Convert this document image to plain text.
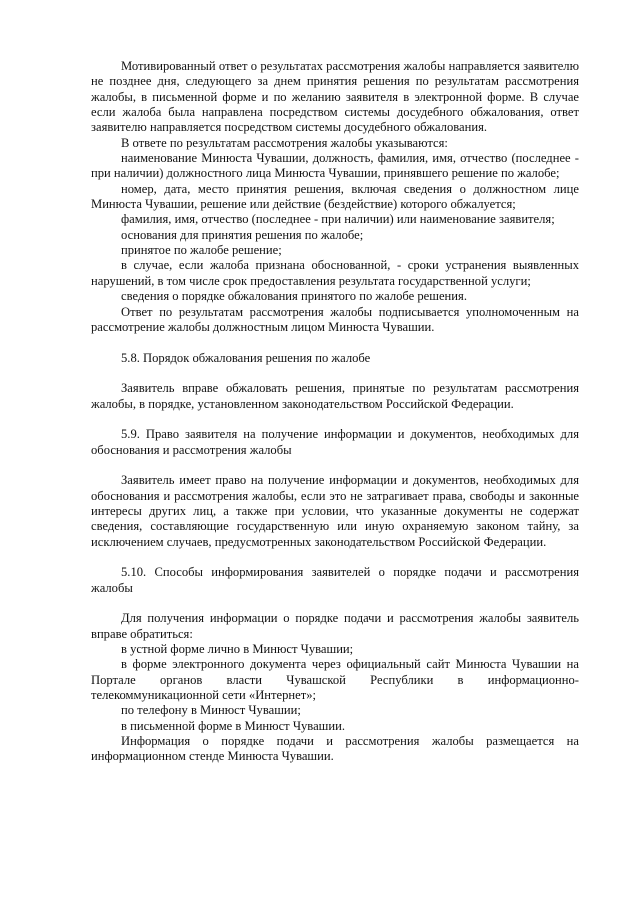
Мотивированный ответ о результатах рассмотрения жалобы направляется заявителю не позднее дня, следующего за днем принятия решения по результатам рассмотрения жалобы, в письменной форме и по желанию заявителя в электронной форме. В случае если жалоба была направлена посредством системы досудебного обжалования, ответ заявителю направляется посредством системы досудебного обжалования.

В ответе по результатам рассмотрения жалобы указываются:

наименование Минюста Чувашии, должность, фамилия, имя, отчество (последнее - при наличии) должностного лица Минюста Чувашии, принявшего решение по жалобе;

номер, дата, место принятия решения, включая сведения о должностном лице Минюста Чувашии, решение или действие (бездействие) которого обжалуется;

фамилия, имя, отчество (последнее - при наличии) или наименование заявителя;

основания для принятия решения по жалобе;

принятое по жалобе решение;

в случае, если жалоба признана обоснованной, - сроки устранения выявленных нарушений, в том числе срок предоставления результата государственной услуги;

сведения о порядке обжалования принятого по жалобе решения.

Ответ по результатам рассмотрения жалобы подписывается уполномоченным на рассмотрение жалобы должностным лицом Минюста Чувашии.

5.8. Порядок обжалования решения по жалобе

Заявитель вправе обжаловать решения, принятые по результатам рассмотрения жалобы, в порядке, установленном законодательством Российской Федерации.

5.9. Право заявителя на получение информации и документов, необходимых для обоснования и рассмотрения жалобы

Заявитель имеет право на получение информации и документов, необходимых для обоснования и рассмотрения жалобы, если это не затрагивает права, свободы и законные интересы других лиц, а также при условии, что указанные документы не содержат сведения, составляющие государственную или иную охраняемую законом тайну, за исключением случаев, предусмотренных законодательством Российской Федерации.

5.10. Способы информирования заявителей о порядке подачи и рассмотрения жалобы

Для получения информации о порядке подачи и рассмотрения жалобы заявитель вправе обратиться:

в устной форме лично в Минюст Чувашии;

в форме электронного документа через официальный сайт Минюста Чувашии на Портале органов власти Чувашской Республики в информационно-телекоммуникационной сети «Интернет»;

по телефону в Минюст Чувашии;

в письменной форме в Минюст Чувашии.

Информация о порядке подачи и рассмотрения жалобы размещается на информационном стенде Минюста Чувашии.
